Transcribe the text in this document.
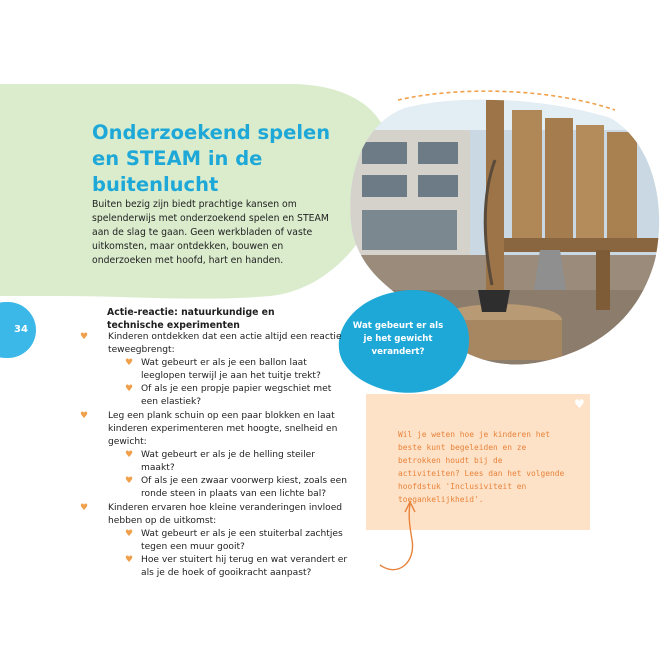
Onderzoekend spelen
en STEAM in de
buitenlucht

Buiten bezig zijn biedt prachtige kansen om spelenderwijs met onderzoekend spelen en STEAM aan de slag te gaan. Geen werkbladen of vaste uitkomsten, maar ontdekken, bouwen en onderzoeken met hoofd, hart en handen.

34	Wat gebeurt er als je het gewicht verandert?
Actie-reactie: natuurkundige en technische experimenten
♥ Kinderen ontdekken dat een actie altijd een reactie teweegbrengt:
♥ Wat gebeurt er als je een ballon laat leeglopen terwijl je aan het tuitje trekt?
♥ Of als je een propje papier wegschiet met een elastiek?
♥ Leg een plank schuin op een paar blokken en laat kinderen experimenteren met hoogte, snelheid en gewicht:
♥ Wat gebeurt er als je de helling steiler maakt?
♥ Of als je een zwaar voorwerp kiest, zoals een ronde steen in plaats van een lichte bal?
♥ Kinderen ervaren hoe kleine veranderingen invloed hebben op de uitkomst:
♥ Wat gebeurt er als je een stuiterbal zachtjes tegen een muur gooit?
♥ Hoe ver stuitert hij terug en wat verandert er als je de hoek of gooikracht aanpast?
♥

Wil je weten hoe je kinderen het beste kunt begeleiden en ze betrokken houdt bij de activiteiten? Lees dan het volgende hoofdstuk 'Inclusiviteit en toegankelijkheid'.
